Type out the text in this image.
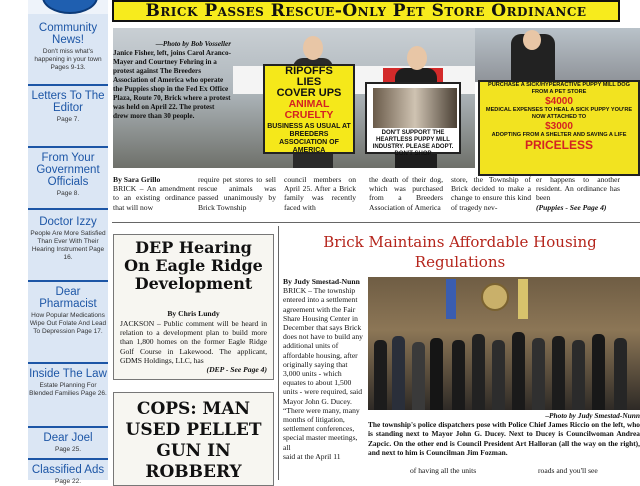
Community News!
Don't miss what's happening in your town Pages 9-13.
Letters To The Editor
Page 7.
From Your Government Officials
Page 8.
Doctor Izzy
People Are More Satisfied Than Ever With Their Hearing Instrument Page 16.
Dear Pharmacist
How Popular Medications Wipe Out Folate And Lead To Depression Page 17.
Inside The Law
Estate Planning For Blended Families Page 26.
Dear Joel
Page 25.
Classified Ads
Page 22.
Brick Passes Rescue-Only Pet Store Ordinance
—Photo by Bob Vosseller
Janice Fisher, left, joins Carol Aranco-Mayer and Courtney Fehring in a protest against The Breeders Association of America who operate the Puppies shop in the Fed Ex Office Plaza, Route 70, Brick where a protest was held on April 22. The protest drew more than 30 people.
RIPOFFS
LIES
COVER UPS
ANIMAL CRUELTY
BUSINESS AS USUAL AT BREEDERS ASSOCIATION OF AMERICA
DON'T SUPPORT THE HEARTLESS PUPPY MILL INDUSTRY. PLEASE ADOPT. DON'T SHOP
PURCHASE A SICK/HYPERACTIVE PUPPY MILL DOG FROM A PET STORE
$4000
MEDICAL EXPENSES TO HEAL A SICK PUPPY YOU'RE NOW ATTACHED TO
$3000
ADOPTING FROM A SHELTER AND SAVING A LIFE
PRICELESS
By Sara Grillo
BRICK – An amendment to an existing ordinance that will now
require pet stores to sell rescue animals was passed unanimously by Brick Township
council members on April 25. After a Brick family was recently faced with
the death of their dog, which was purchased from a Breeders Association of America
store, the Township of Brick decided to make a change to ensure this kind of tragedy nev-
er happens to another resident. An ordinance has been
(Puppies - See Page 4)
DEP Hearing On Eagle Ridge Development
By Chris Lundy
JACKSON – Public comment will be heard in relation to a development plan to build more than 1,800 homes on the former Eagle Ridge Golf Course in Lakewood. The applicant, GDMS Holdings, LLC, has

(DEP - See Page 4)
COPS: MAN USED PELLET GUN IN ROBBERY
Brick Maintains Affordable Housing Regulations
By Judy Smestad-Nunn
BRICK – The township entered into a settlement agreement with the Fair Share Housing Center in December that says Brick does not have to build any additional units of affordable housing, after originally saying that 3,000 units - which equates to about 1,500 units - were required, said Mayor John G. Ducey. “There were many, many months of litigation, settlement conferences, special master meetings, all
said at the April 11
–Photo by Judy Smestad-Nunn
The township's police dispatchers pose with Police Chief James Riccio on the left, who is standing next to Mayor John G. Ducey. Next to Ducey is Councilwoman Andrea Zapcic. On the other end is Council President Art Halloran (all the way on the right), and next to him is Councilman Jim Fozman.
of having all the units	roads and you'll see
